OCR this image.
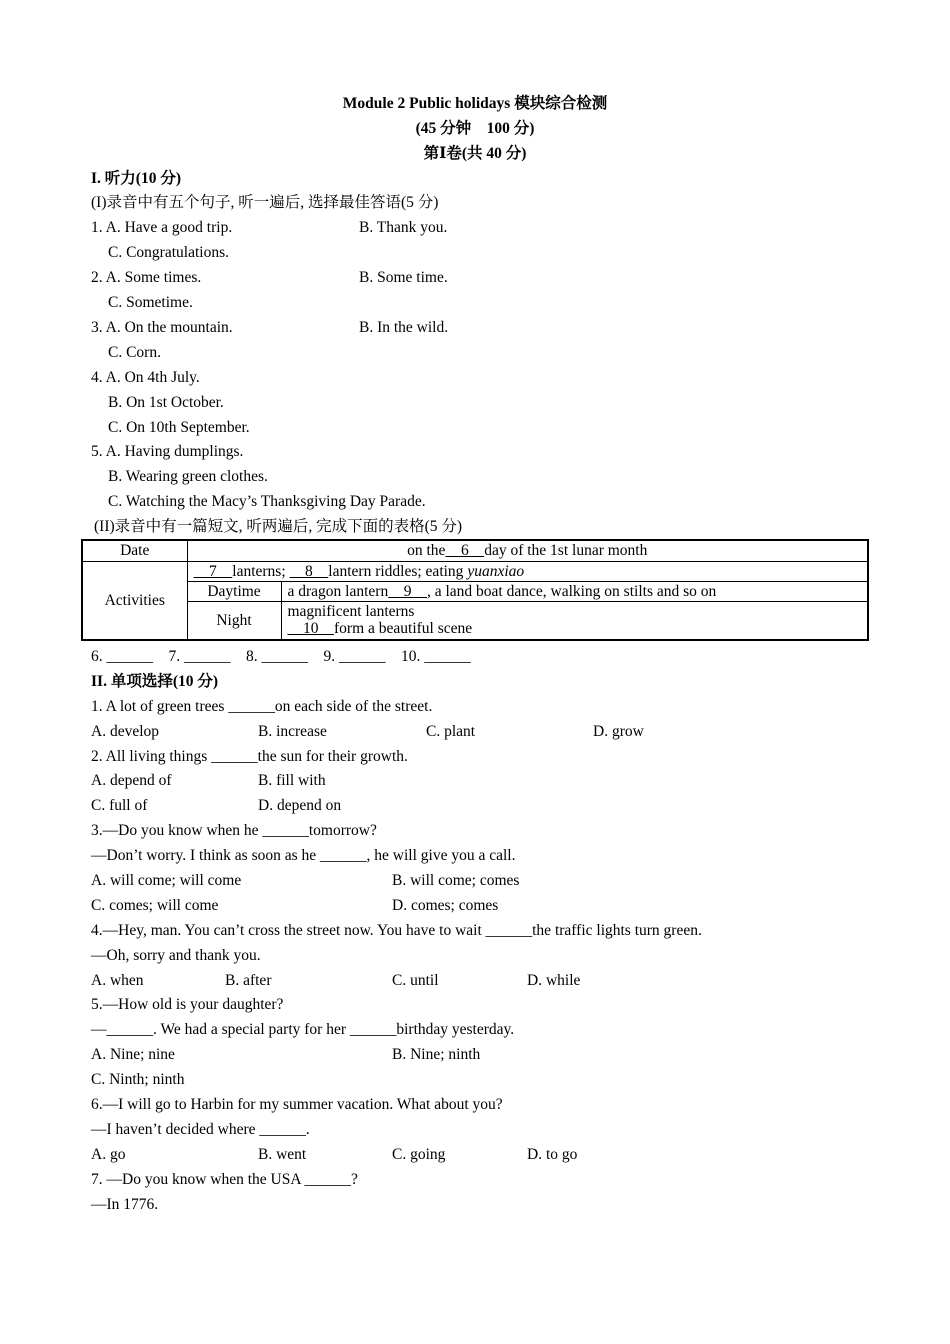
Module 2 Public holidays 模块综合检测
(45 分钟　100 分)
第Ⅰ卷(共 40 分)
I. 听力(10 分)
(I)录音中有五个句子, 听一遍后, 选择最佳答语(5 分)
1. A. Have a good trip.	B. Thank you.
C. Congratulations.
2. A. Some times.	B. Some time.
C. Sometime.
3. A. On the mountain.	B. In the wild.
C. Corn.
4. A. On 4th July.
B. On 1st October.
C. On 10th September.
5. A. Having dumplings.
B. Wearing green clothes.
C. Watching the Macy’s Thanksgiving Day Parade.
(II)录音中有一篇短文, 听两遍后, 完成下面的表格(5 分)
Date	on the　6　day of the 1st lunar month	
Activities	　7　lanterns; 　8　lantern riddles; eating yuanxiao	
	Daytime	a dragon lantern　9　, a land boat dance, walking on stilts and so on
	Night	magnificent lanterns
　10　form a beautiful scene
6. ______　7. ______　8. ______　9. ______　10. ______
II. 单项选择(10 分)
1. A lot of green trees ______on each side of the street.
A. develop	B. increase	C. plant	D. grow
2. All living things ______the sun for their growth.
A. depend of	B. fill with
C. full of	D. depend on
3.—Do you know when he ______tomorrow?
—Don’t worry. I think as soon as he ______, he will give you a call.
A. will come; will come	B. will come; comes
C. comes; will come	D. comes; comes
4.—Hey, man. You can’t cross the street now. You have to wait ______the traffic lights turn green.
—Oh, sorry and thank you.
A. when	B. after	C. until	D. while
5.—How old is your daughter?
—______. We had a special party for her ______birthday yesterday.
A. Nine; nine	B. Nine; ninth
C. Ninth; ninth
6.—I will go to Harbin for my summer vacation. What about you?
—I haven’t decided where ______.
A. go	B. went	C. going	D. to go
7. —Do you know when the USA ______?
—In 1776.
